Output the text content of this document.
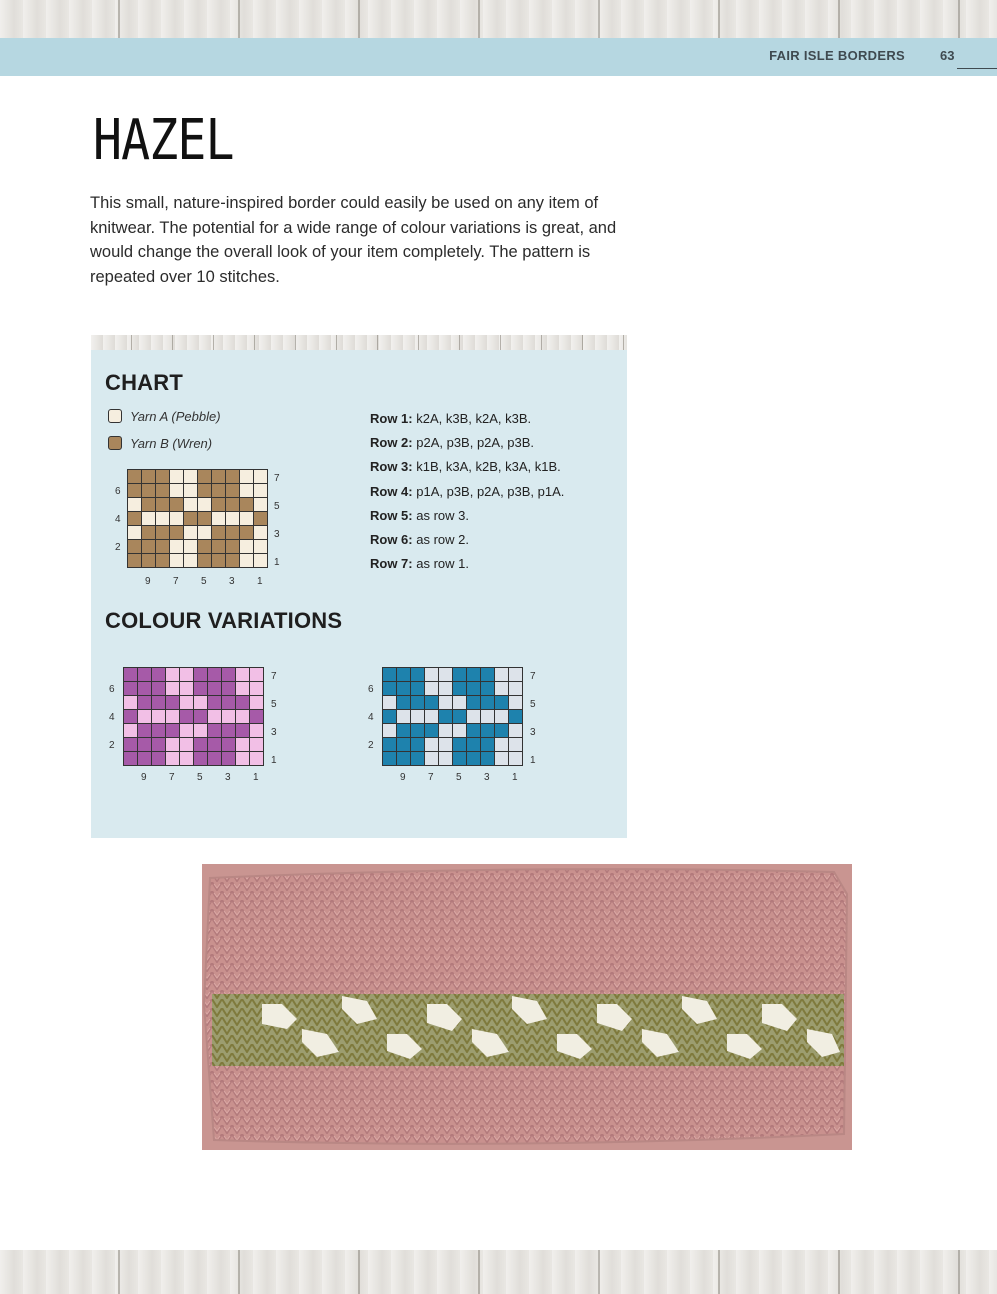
FAIR ISLE BORDERS	63
HAZEL
This small, nature-inspired border could easily be used on any item of knitwear. The potential for a wide range of colour variations is great, and would change the overall look of your item completely. The pattern is repeated over 10 stitches.
CHART
Yarn A (Pebble)
Yarn B (Wren)
6
4
2
7
5
3
1
9 7 5 3 1
Row 1: k2A, k3B, k2A, k3B.
Row 2: p2A, p3B, p2A, p3B.
Row 3: k1B, k3A, k2B, k3A, k1B.
Row 4: p1A, p3B, p2A, p3B, p1A.
Row 5: as row 3.
Row 6: as row 2.
Row 7: as row 1.
COLOUR VARIATIONS
6
4
2
7
5
3
1
9 7 5 3 1
6
4
2
7
5
3
1
9 7 5 3 1
